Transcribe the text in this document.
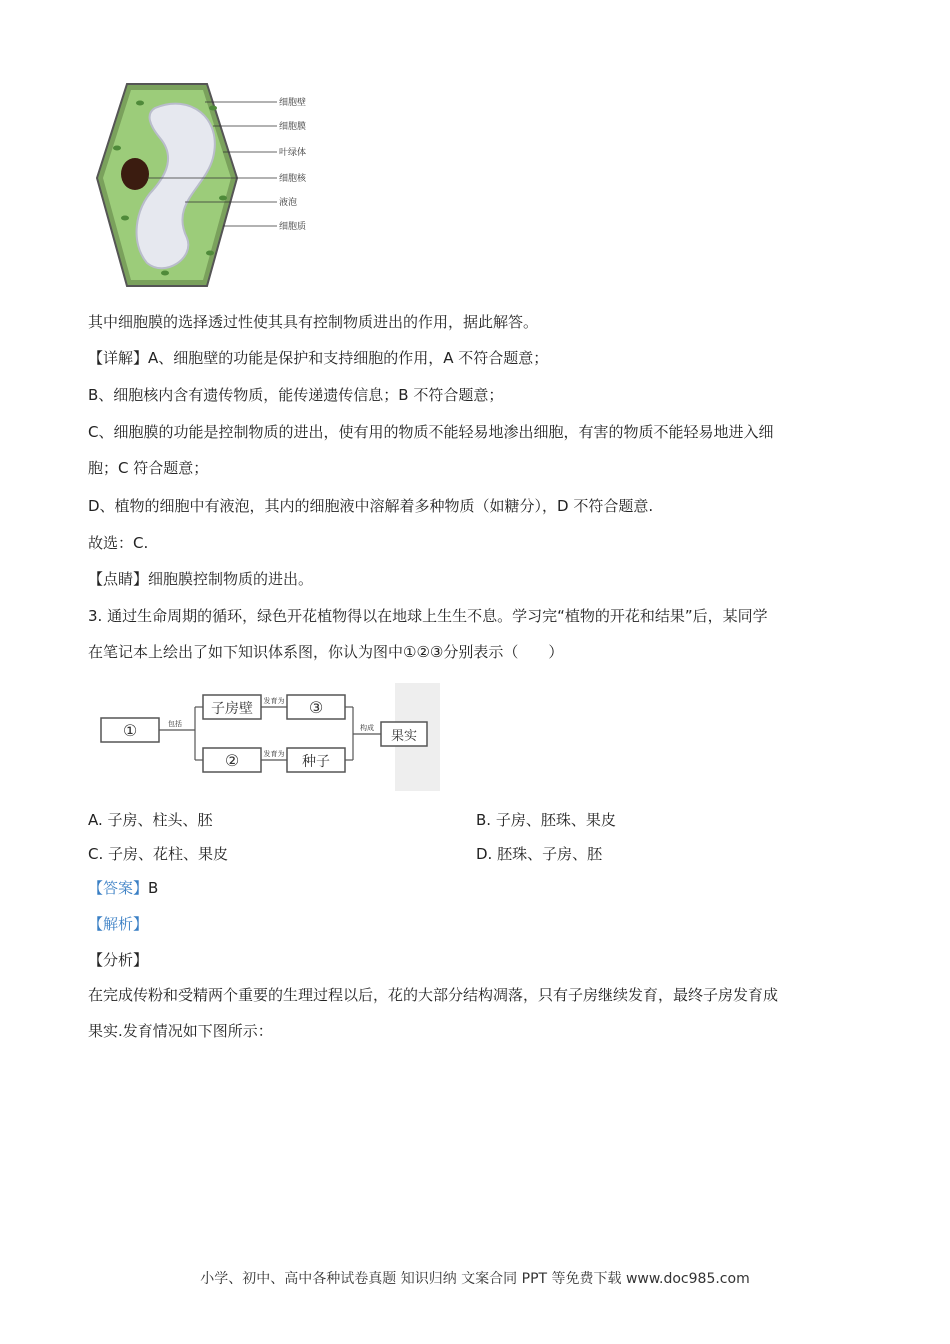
细胞壁
细胞膜
叶绿体
细胞核
液泡
细胞质
其中细胞膜的选择透过性使其具有控制物质进出的作用，据此解答。
【详解】A、细胞壁的功能是保护和支持细胞的作用，A 不符合题意；
B、细胞核内含有遗传物质，能传递遗传信息；B 不符合题意；
C、细胞膜的功能是控制物质的进出，使有用的物质不能轻易地渗出细胞，有害的物质不能轻易地进入细
胞；C 符合题意；
D、植物的细胞中有液泡，其内的细胞液中溶解着多种物质（如糖分），D 不符合题意.
故选：C.
【点睛】细胞膜控制物质的进出。
3. 通过生命周期的循环，绿色开花植物得以在地球上生生不息。学习完“植物的开花和结果”后，某同学
在笔记本上绘出了如下知识体系图，你认为图中①②③分别表示（　　）
①
子房壁	③
②	种子
果实
包括
发育为
发育为
构成
A. 子房、柱头、胚	B. 子房、胚珠、果皮
C. 子房、花柱、果皮	D. 胚珠、子房、胚
【答案】B
【解析】
【分析】
在完成传粉和受精两个重要的生理过程以后，花的大部分结构凋落，只有子房继续发育，最终子房发育成
果实.发育情况如下图所示：
小学、初中、高中各种试卷真题 知识归纳 文案合同 PPT 等免费下载 www.doc985.com
